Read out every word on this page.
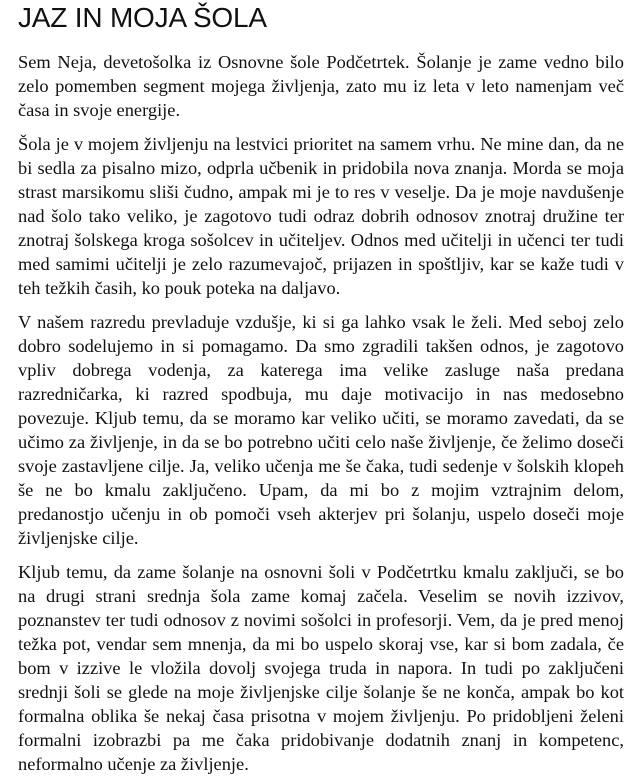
JAZ IN MOJA ŠOLA

Sem Neja, devetošolka iz Osnovne šole Podčetrtek. Šolanje je zame vedno bilo zelo pomemben segment mojega življenja, zato mu iz leta v leto namenjam več časa in svoje energije.

Šola je v mojem življenju na lestvici prioritet na samem vrhu. Ne mine dan, da ne bi sedla za pisalno mizo, odprla učbenik in pridobila nova znanja. Morda se moja strast marsikomu sliši čudno, ampak mi je to res v veselje. Da je moje navdušenje nad šolo tako veliko, je zagotovo tudi odraz dobrih odnosov znotraj družine ter znotraj šolskega kroga sošolcev in učiteljev. Odnos med učitelji in učenci ter tudi med samimi učitelji je zelo razumevajoč, prijazen in spoštljiv, kar se kaže tudi v teh težkih časih, ko pouk poteka na daljavo.

V našem razredu prevladuje vzdušje, ki si ga lahko vsak le želi. Med seboj zelo dobro sodelujemo in si pomagamo. Da smo zgradili takšen odnos, je zagotovo vpliv dobrega vodenja, za katerega ima velike zasluge naša predana razredničarka, ki razred spodbuja, mu daje motivacijo in nas medosebno povezuje. Kljub temu, da se moramo kar veliko učiti, se moramo zavedati, da se učimo za življenje, in da se bo potrebno učiti celo naše življenje, če želimo doseči svoje zastavljene cilje. Ja, veliko učenja me še čaka, tudi sedenje v šolskih klopeh še ne bo kmalu zaključeno. Upam, da mi bo z mojim vztrajnim delom, predanostjo učenju in ob pomoči vseh akterjev pri šolanju, uspelo doseči moje življenjske cilje.

Kljub temu, da zame šolanje na osnovni šoli v Podčetrtku kmalu zaključi, se bo na drugi strani srednja šola zame komaj začela. Veselim se novih izzivov, poznanstev ter tudi odnosov z novimi sošolci in profesorji. Vem, da je pred menoj težka pot, vendar sem mnenja, da mi bo uspelo skoraj vse, kar si bom zadala, če bom v izzive le vložila dovolj svojega truda in napora. In tudi po zaključeni srednji šoli se glede na moje življenjske cilje šolanje še ne konča, ampak bo kot formalna oblika še nekaj časa prisotna v mojem življenju. Po pridobljeni želeni formalni izobrazbi pa me čaka pridobivanje dodatnih znanj in kompetenc, neformalno učenje za življenje.
